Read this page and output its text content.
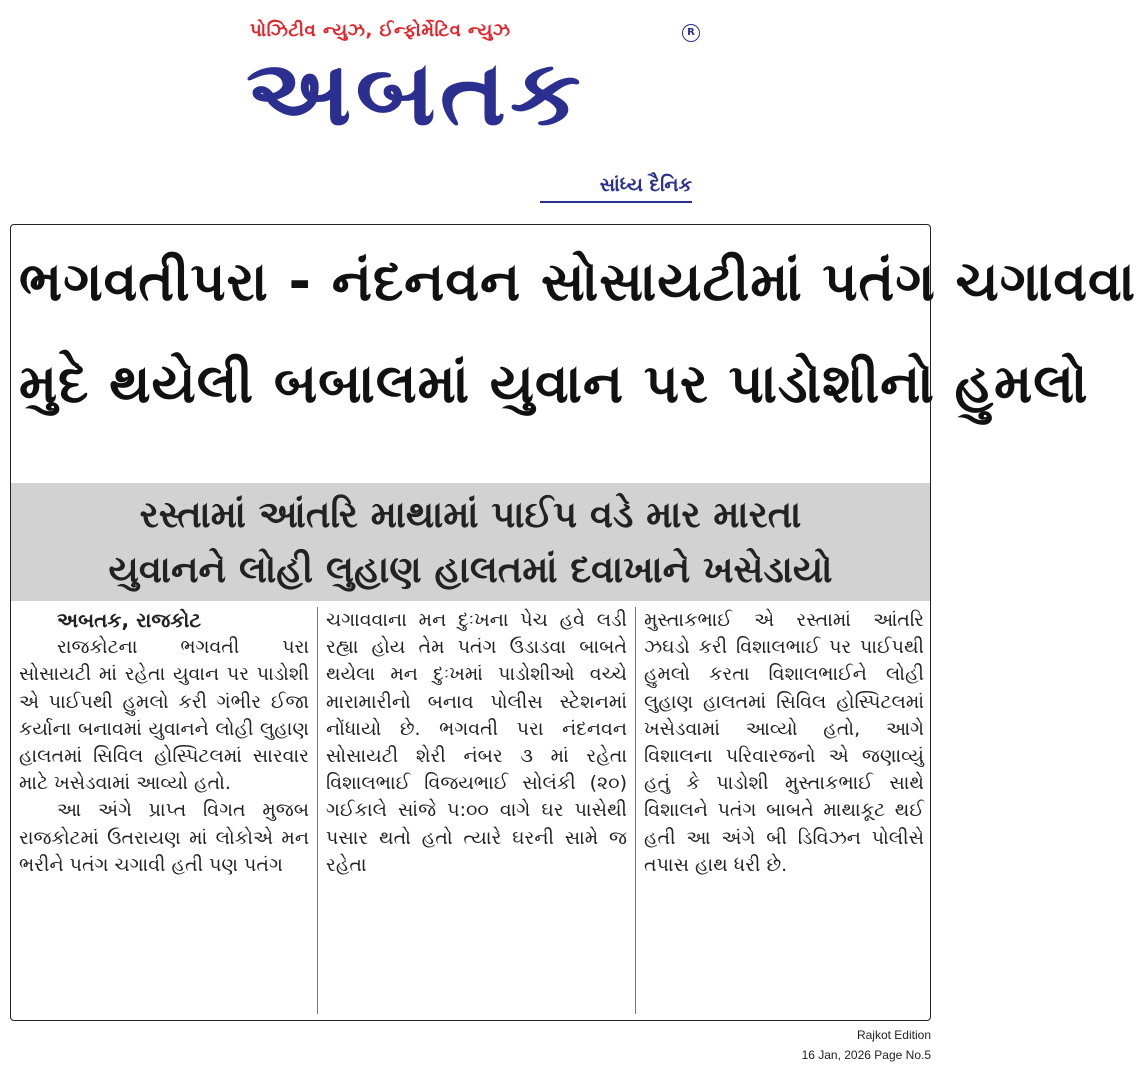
પોઝિટીવ ન્યુઝ, ઈન્ફોર્મેટિવ ન્યુઝ	R
અબતક
સાંધ્ય દૈનિક
ભગવતીપરા - નંદનવન સોસાયટીમાં પતંગ ચગાવવા
મુદે થયેલી બબાલમાં યુવાન પર પાડોશીનો હુમલો
રસ્તામાં આંતરિ માથામાં પાઈપ વડે માર મારતા
યુવાનને લોહી લુહાણ હાલતમાં દવાખાને ખસેડાયો
અબતક, રાજકોટ

રાજકોટના ભગવતી પરા સોસાયટી માં રહેતા યુવાન પર પાડોશી એ પાઈપથી હુમલો કરી ગંભીર ઈજા કર્યાના બનાવમાં યુવાનને લોહી લુહાણ હાલતમાં સિવિલ હોસ્પિટલમાં સારવાર માટે ખસેડવામાં આવ્યો હતો.

આ અંગે પ્રાપ્ત વિગત મુજબ રાજકોટમાં ઉતરાયણ માં લોકોએ મન ભરીને પતંગ ચગાવી હતી પણ પતંગ

ચગાવવાના મન દુઃખના પેચ હવે લડી રહ્યા હોય તેમ પતંગ ઉડાડવા બાબતે થયેલા મન દુઃખમાં પાડોશીઓ વચ્ચે મારામારીનો બનાવ પોલીસ સ્ટેશનમાં નોંધાયો છે. ભગવતી પરા નંદનવન સોસાયટી શેરી નંબર ૩ માં રહેતા વિશાલભાઈ વિજયભાઈ સોલંકી (૨૦) ગઈકાલે સાંજે ૫:૦૦ વાગે ઘર પાસેથી પસાર થતો હતો ત્યારે ઘરની સામે જ રહેતા

મુસ્તાકભાઈ એ રસ્તામાં આંતરિ ઝઘડો કરી વિશાલભાઈ પર પાઈપથી હુમલો કરતા વિશાલભાઈને લોહી લુહાણ હાલતમાં સિવિલ હોસ્પિટલમાં ખસેડવામાં આવ્યો હતો, આગે વિશાલના પરિવારજનો એ જણાવ્યું હતું કે પાડોશી મુસ્તાકભાઈ સાથે વિશાલને પતંગ બાબતે માથાકૂટ થઈ હતી આ અંગે બી ડિવિઝન પોલીસે તપાસ હાથ ધરી છે.

Rajkot Edition
16 Jan, 2026 Page No.5
